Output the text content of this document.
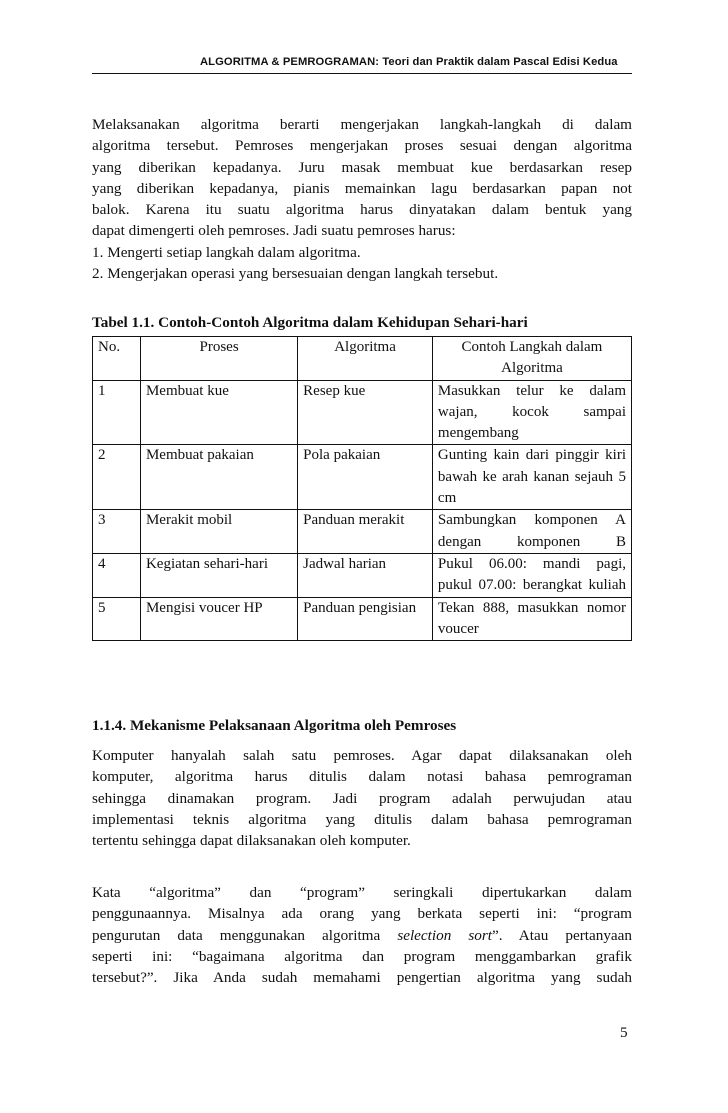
ALGORITMA & PEMROGRAMAN: Teori dan Praktik dalam Pascal Edisi Kedua
Melaksanakan algoritma berarti mengerjakan langkah-langkah di dalam
algoritma tersebut. Pemroses mengerjakan proses sesuai dengan algoritma
yang diberikan kepadanya. Juru masak membuat kue berdasarkan resep
yang diberikan kepadanya, pianis memainkan lagu berdasarkan papan not
balok. Karena itu suatu algoritma harus dinyatakan dalam bentuk yang
dapat dimengerti oleh pemroses. Jadi suatu pemroses harus:
1. Mengerti setiap langkah dalam algoritma.
2. Mengerjakan operasi yang bersesuaian dengan langkah tersebut.
Tabel 1.1. Contoh-Contoh Algoritma dalam Kehidupan Sehari-hari
No.	Proses	Algoritma	Contoh Langkah dalam Algoritma
1	Membuat kue	Resep kue	Masukkan telur ke dalam wajan, kocok sampai mengembang
2	Membuat pakaian	Pola pakaian	Gunting kain dari pinggir kiri bawah ke arah kanan sejauh 5 cm
3	Merakit mobil	Panduan merakit	Sambungkan komponen A dengan komponen B
4	Kegiatan sehari-hari	Jadwal harian	Pukul 06.00: mandi pagi, pukul 07.00: berangkat kuliah
5	Mengisi voucer HP	Panduan pengisian	Tekan 888, masukkan nomor voucer
1.1.4. Mekanisme Pelaksanaan Algoritma oleh Pemroses
Komputer hanyalah salah satu pemroses. Agar dapat dilaksanakan oleh
komputer, algoritma harus ditulis dalam notasi bahasa pemrograman
sehingga dinamakan program. Jadi program adalah perwujudan atau
implementasi teknis algoritma yang ditulis dalam bahasa pemrograman
tertentu sehingga dapat dilaksanakan oleh komputer.
Kata “algoritma” dan “program” seringkali dipertukarkan dalam
penggunaannya. Misalnya ada orang yang berkata seperti ini: “program
pengurutan data menggunakan algoritma selection sort”. Atau pertanyaan
seperti ini: “bagaimana algoritma dan program menggambarkan grafik
tersebut?”. Jika Anda sudah memahami pengertian algoritma yang sudah
5
